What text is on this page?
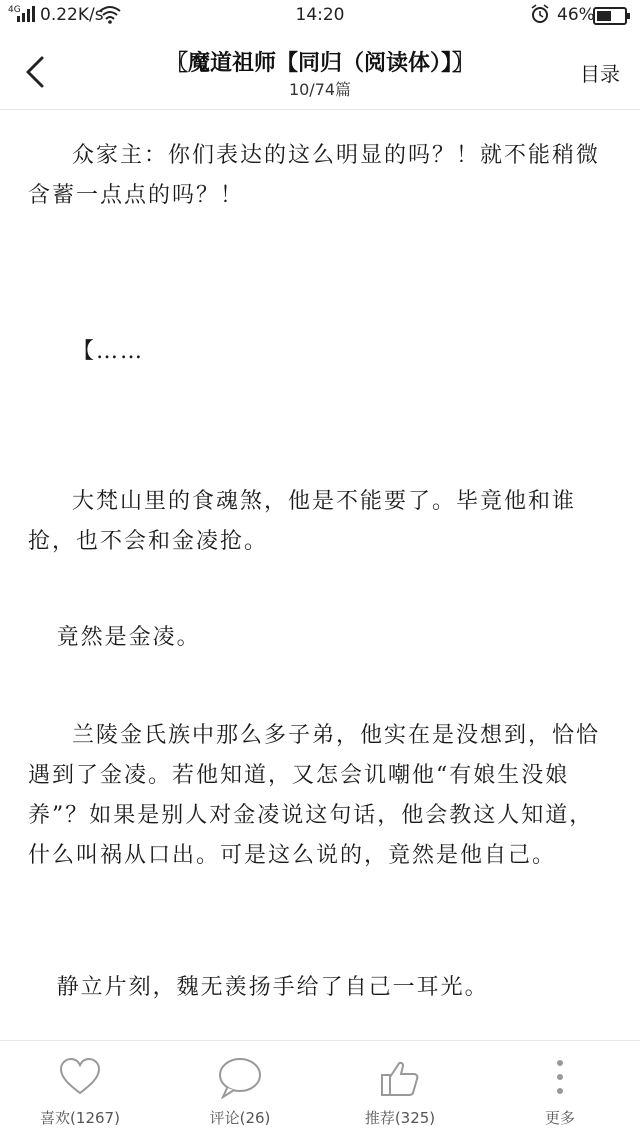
4G 0.22K/s	14:20	46%
〖魔道祖师【同归（阅读体）】〗
10/74篇
目录

众家主：你们表达的这么明显的吗？！就不能稍微含蓄一点点的吗？！

【……

大梵山里的食魂煞，他是不能要了。毕竟他和谁抢，也不会和金凌抢。

竟然是金凌。

兰陵金氏族中那么多子弟，他实在是没想到，恰恰遇到了金凌。若他知道，又怎会讥嘲他“有娘生没娘养”？如果是别人对金凌说这句话，他会教这人知道，什么叫祸从口出。可是这么说的，竟然是他自己。

静立片刻，魏无羡扬手给了自己一耳光。

喜欢(1267)	评论(26)	推荐(325)	更多
